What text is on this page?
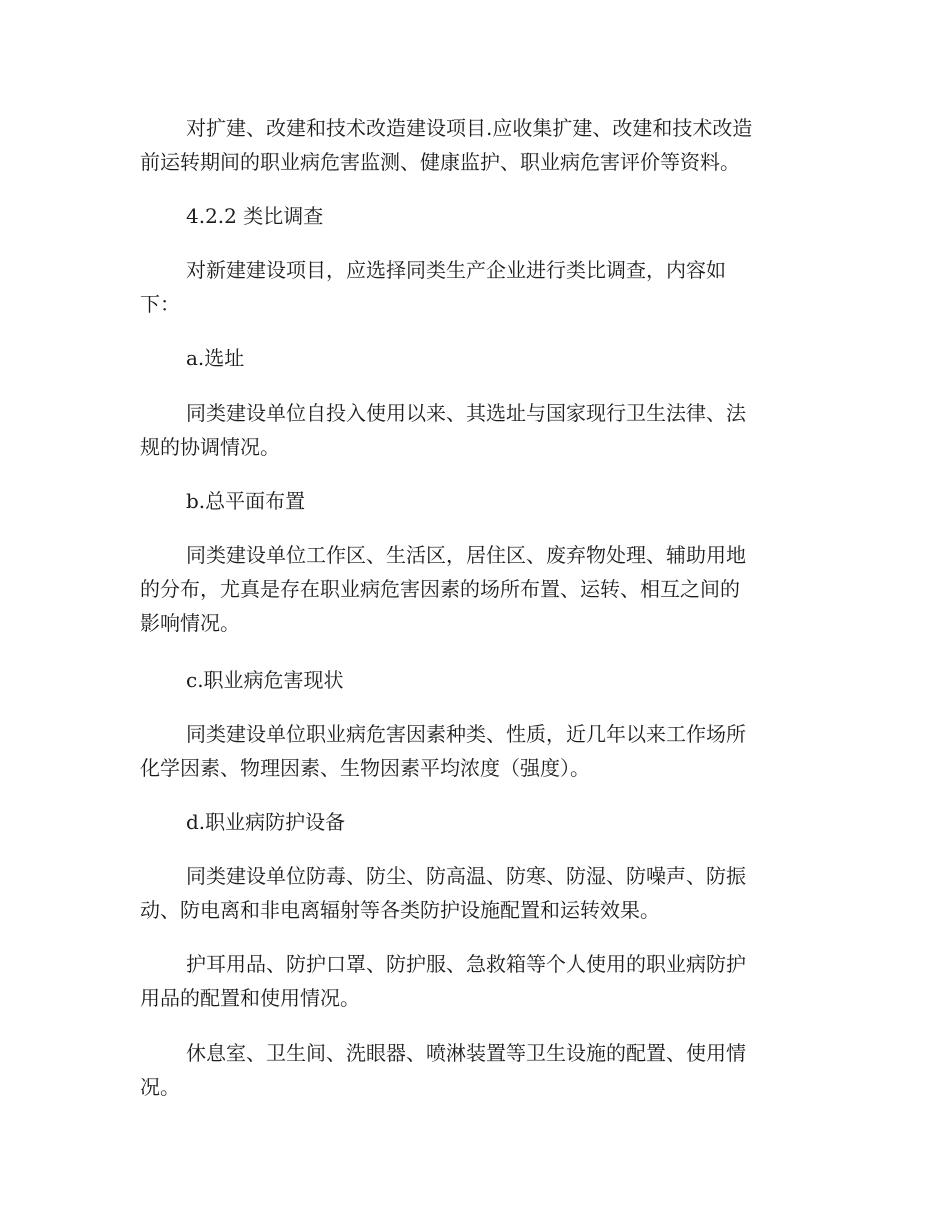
对扩建、改建和技术改造建设项目.应收集扩建、改建和技术改造
前运转期间的职业病危害监测、健康监护、职业病危害评价等资料。

4.2.2 类比调查

对新建建设项目，应选择同类生产企业进行类比调查，内容如
下：

a.选址

同类建设单位自投入使用以来、其选址与国家现行卫生法律、法
规的协调情况。

b.总平面布置

同类建设单位工作区、生活区，居住区、废弃物处理、辅助用地
的分布，尤真是存在职业病危害因素的场所布置、运转、相互之间的
影响情况。

c.职业病危害现状

同类建设单位职业病危害因素种类、性质，近几年以来工作场所
化学因素、物理因素、生物因素平均浓度（强度）。

d.职业病防护设备

同类建设单位防毒、防尘、防高温、防寒、防湿、防噪声、防振
动、防电离和非电离辐射等各类防护设施配置和运转效果。

护耳用品、防护口罩、防护服、急救箱等个人使用的职业病防护
用品的配置和使用情况。

休息室、卫生间、洗眼器、喷淋装置等卫生设施的配置、使用情
况。
